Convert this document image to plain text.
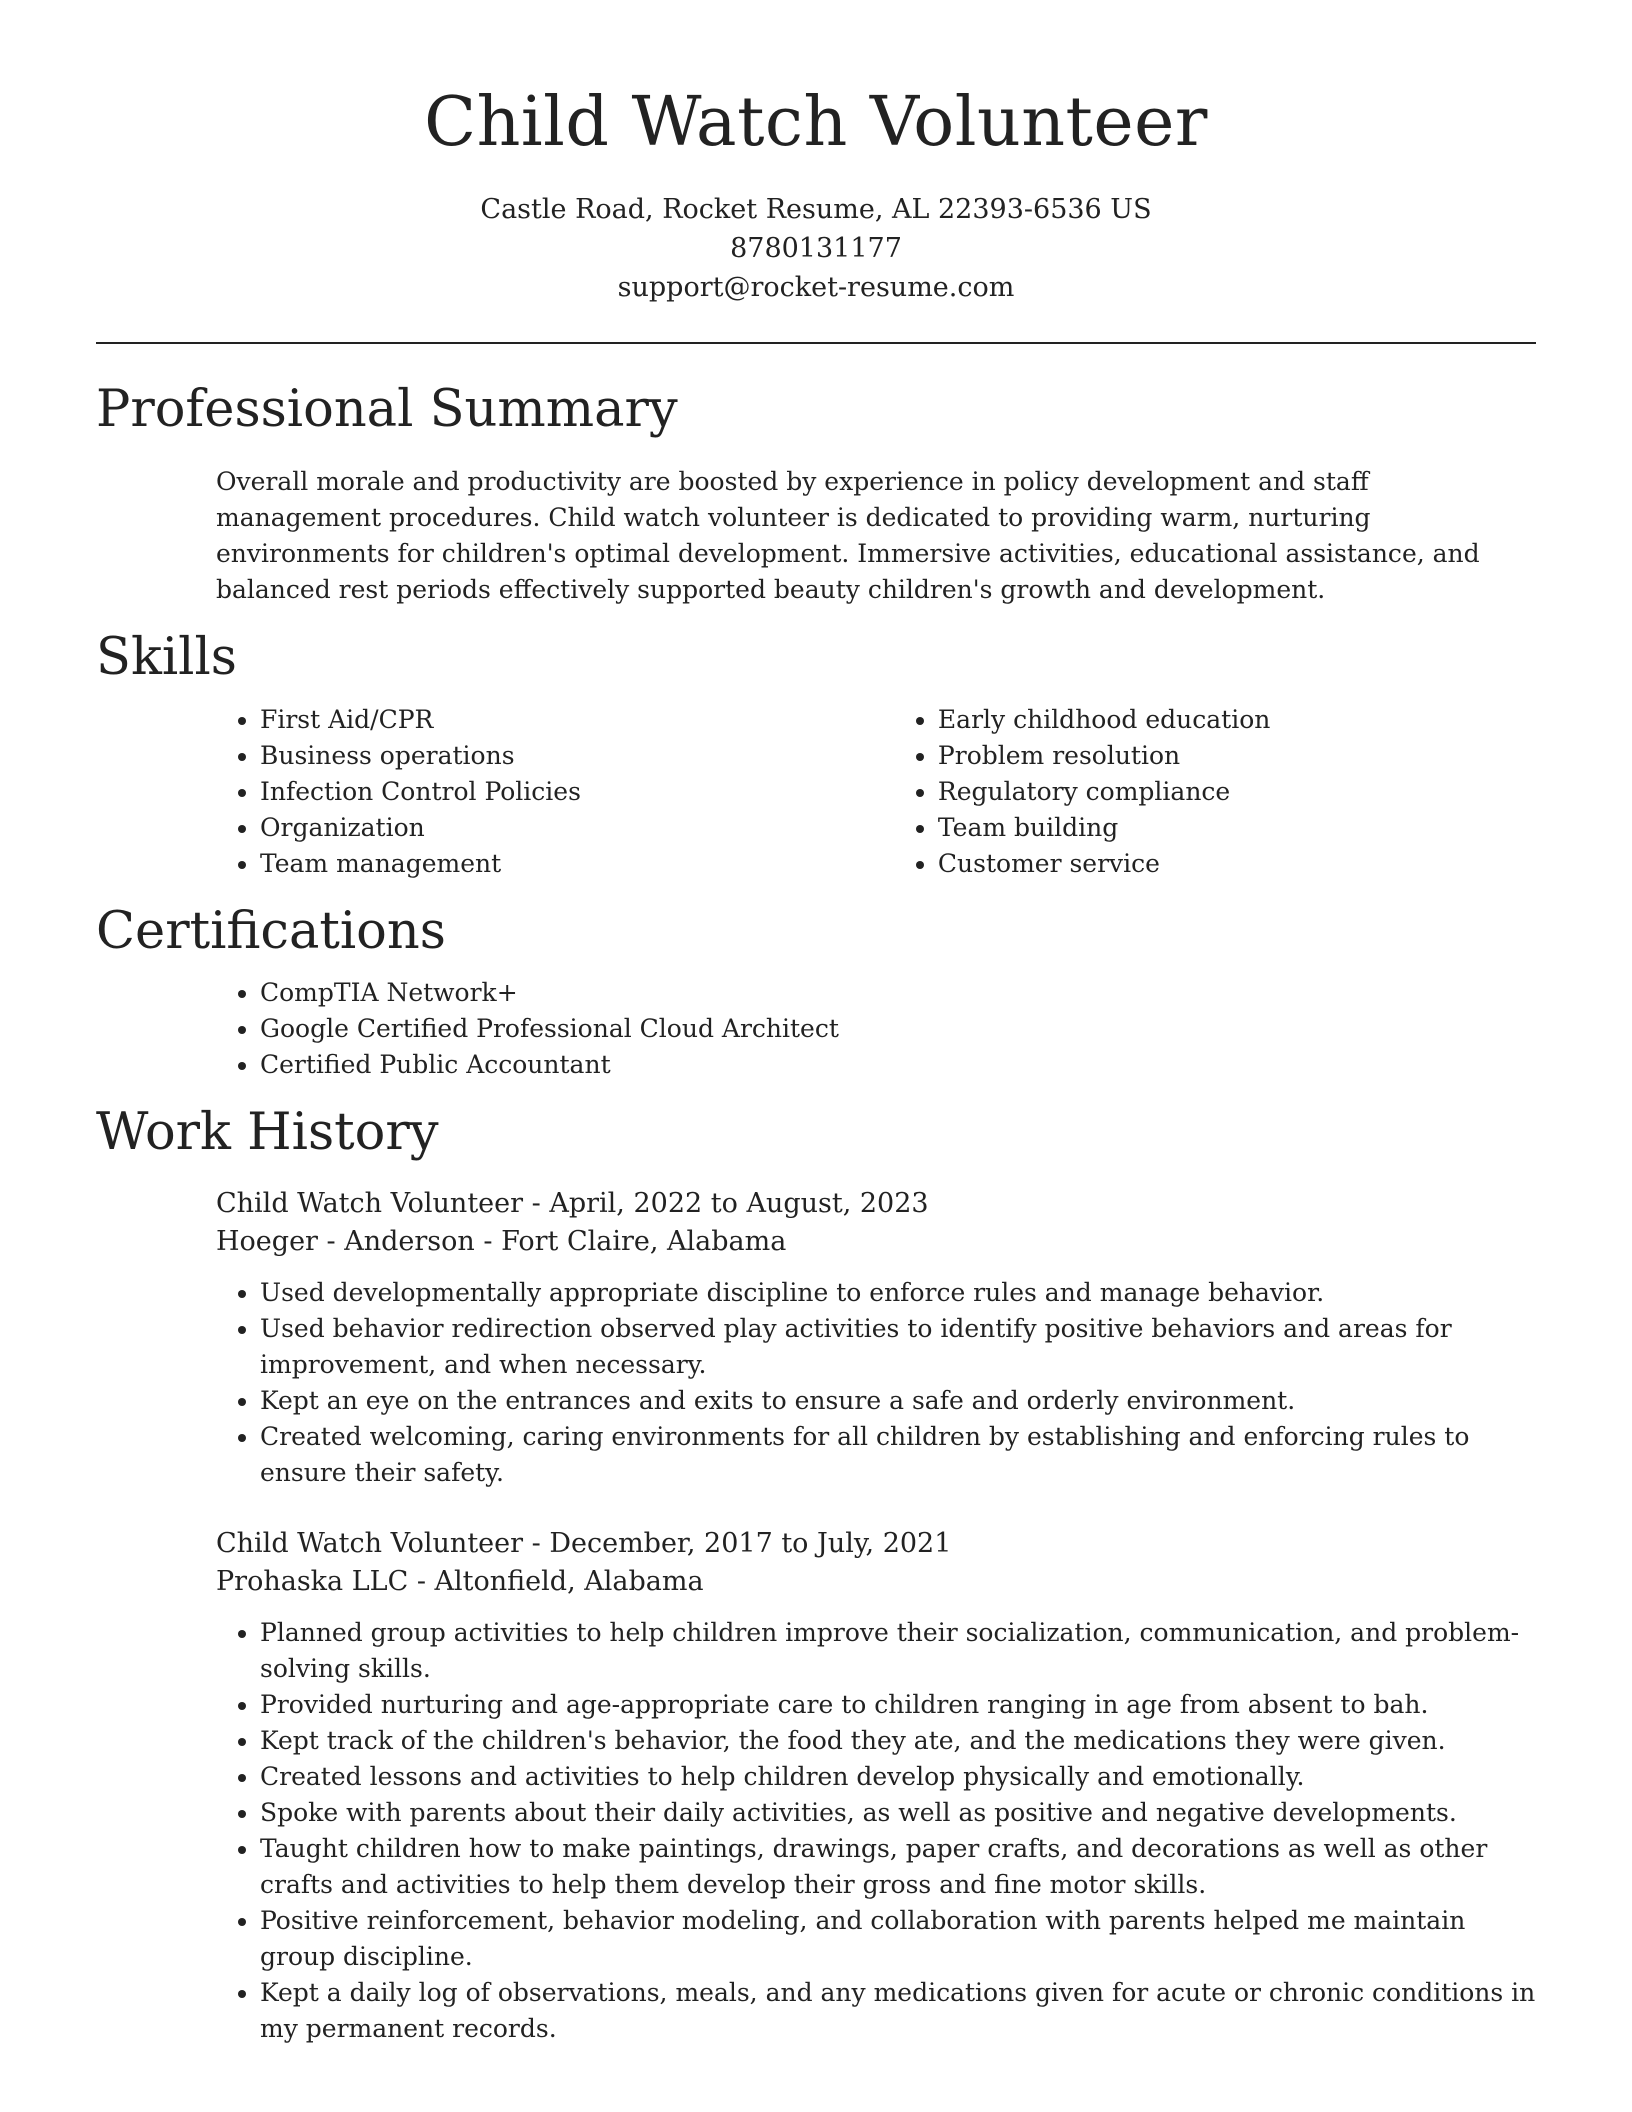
Child Watch Volunteer
Castle Road, Rocket Resume, AL 22393-6536 US
8780131177
support@rocket-resume.com
Professional Summary
Overall morale and productivity are boosted by experience in policy development and staff management procedures. Child watch volunteer is dedicated to providing warm, nurturing environments for children's optimal development. Immersive activities, educational assistance, and balanced rest periods effectively supported beauty children's growth and development.
Skills
• First Aid/CPR
• Business operations
• Infection Control Policies
• Organization
• Team management
• Early childhood education
• Problem resolution
• Regulatory compliance
• Team building
• Customer service
Certifications
• CompTIA Network+
• Google Certified Professional Cloud Architect
• Certified Public Accountant
Work History
Child Watch Volunteer - April, 2022 to August, 2023
Hoeger - Anderson - Fort Claire, Alabama
• Used developmentally appropriate discipline to enforce rules and manage behavior.
• Used behavior redirection observed play activities to identify positive behaviors and areas for improvement, and when necessary.
• Kept an eye on the entrances and exits to ensure a safe and orderly environment.
• Created welcoming, caring environments for all children by establishing and enforcing rules to ensure their safety.
Child Watch Volunteer - December, 2017 to July, 2021
Prohaska LLC - Altonfield, Alabama
• Planned group activities to help children improve their socialization, communication, and problem-solving skills.
• Provided nurturing and age-appropriate care to children ranging in age from absent to bah.
• Kept track of the children's behavior, the food they ate, and the medications they were given.
• Created lessons and activities to help children develop physically and emotionally.
• Spoke with parents about their daily activities, as well as positive and negative developments.
• Taught children how to make paintings, drawings, paper crafts, and decorations as well as other crafts and activities to help them develop their gross and fine motor skills.
• Positive reinforcement, behavior modeling, and collaboration with parents helped me maintain group discipline.
• Kept a daily log of observations, meals, and any medications given for acute or chronic conditions in my permanent records.
